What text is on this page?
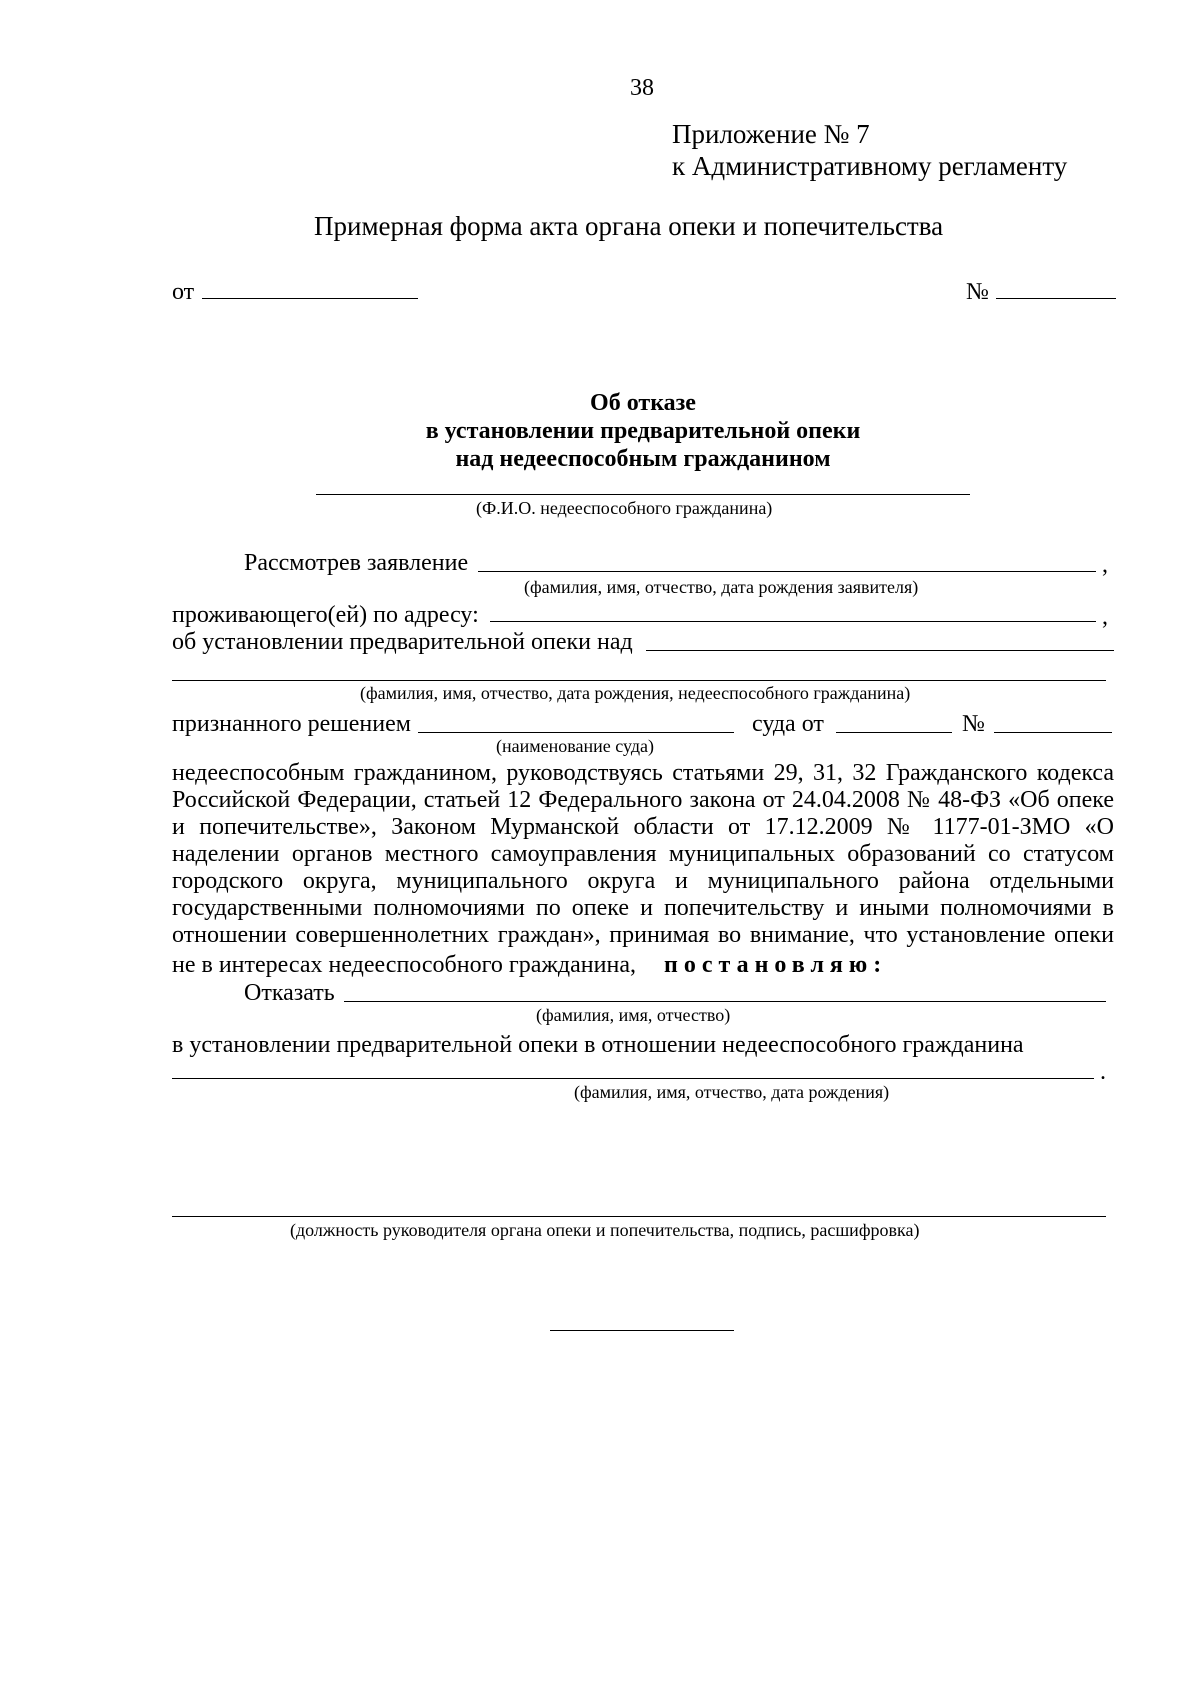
38
Приложение № 7
к Административному регламенту
Примерная форма акта органа опеки и попечительства
от	№
Об отказе
в установлении предварительной опеки
над недееспособным гражданином
(Ф.И.О. недееспособного гражданина)
Рассмотрев заявление	,
(фамилия, имя, отчество, дата рождения заявителя)
проживающего(ей) по адресу:	,
об установлении предварительной опеки над
(фамилия, имя, отчество, дата рождения, недееспособного гражданина)
признанного решением	суда от	№
(наименование суда)
недееспособным гражданином, руководствуясь статьями 29, 31, 32 Гражданского кодекса
Российской Федерации, статьей 12 Федерального закона от 24.04.2008 № 48-ФЗ «Об опеке
и попечительстве», Законом Мурманской области от 17.12.2009 № 1177-01-ЗМО «О
наделении органов местного самоуправления муниципальных образований со статусом
городского округа, муниципального округа и муниципального района отдельными
государственными полномочиями по опеке и попечительству и иными полномочиями в
отношении совершеннолетних граждан», принимая во внимание, что установление опеки
не в интересах недееспособного гражданина, постановляю:
Отказать
(фамилия, имя, отчество)
в установлении предварительной опеки в отношении недееспособного гражданина
.
(фамилия, имя, отчество, дата рождения)
(должность руководителя органа опеки и попечительства, подпись, расшифровка)
